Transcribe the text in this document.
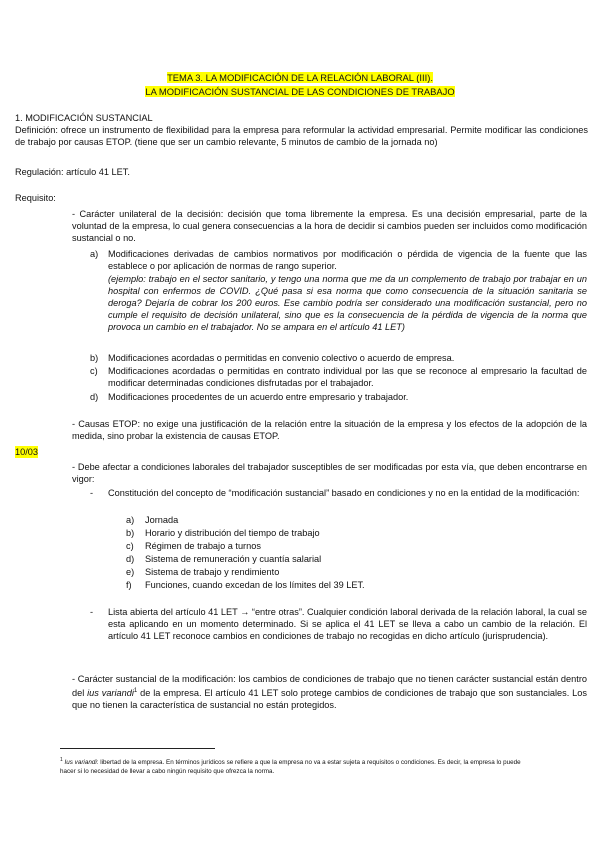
TEMA 3. LA MODIFICACIÓN DE LA RELACIÓN LABORAL (III).
LA MODIFICACIÓN SUSTANCIAL DE LAS CONDICIONES DE TRABAJO
1. MODIFICACIÓN SUSTANCIAL
Definición: ofrece un instrumento de flexibilidad para la empresa para reformular la actividad empresarial. Permite modificar las condiciones de trabajo por causas ETOP. (tiene que ser un cambio relevante, 5 minutos de cambio de la jornada no)
Regulación: artículo 41 LET.
Requisito:
- Carácter unilateral de la decisión: decisión que toma libremente la empresa. Es una decisión empresarial, parte de la voluntad de la empresa, lo cual genera consecuencias a la hora de decidir si cambios pueden ser incluidos como modificación sustancial o no.
a) Modificaciones derivadas de cambios normativos por modificación o pérdida de vigencia de la fuente que las establece o por aplicación de normas de rango superior.
(ejemplo: trabajo en el sector sanitario, y tengo una norma que me da un complemento de trabajo por trabajar en un hospital con enfermos de COVID. ¿Qué pasa si esa norma que como consecuencia de la situación sanitaria se deroga? Dejaría de cobrar los 200 euros. Ese cambio podría ser considerado una modificación sustancial, pero no cumple el requisito de decisión unilateral, sino que es la consecuencia de la pérdida de vigencia de la norma que provoca un cambio en el trabajador. No se ampara en el artículo 41 LET)
b) Modificaciones acordadas o permitidas en convenio colectivo o acuerdo de empresa.
c) Modificaciones acordadas o permitidas en contrato individual por las que se reconoce al empresario la facultad de modificar determinadas condiciones disfrutadas por el trabajador.
d) Modificaciones procedentes de un acuerdo entre empresario y trabajador.
- Causas ETOP: no exige una justificación de la relación entre la situación de la empresa y los efectos de la adopción de la medida, sino probar la existencia de causas ETOP.
10/03
- Debe afectar a condiciones laborales del trabajador susceptibles de ser modificadas por esta vía, que deben encontrarse en vigor:
- Constitución del concepto de “modificación sustancial” basado en condiciones y no en la entidad de la modificación:
a) Jornada
b) Horario y distribución del tiempo de trabajo
c) Régimen de trabajo a turnos
d) Sistema de remuneración y cuantía salarial
e) Sistema de trabajo y rendimiento
f) Funciones, cuando excedan de los límites del 39 LET.
- Lista abierta del artículo 41 LET → “entre otras”. Cualquier condición laboral derivada de la relación laboral, la cual se esta aplicando en un momento determinado. Si se aplica el 41 LET se lleva a cabo un cambio de la relación. El artículo 41 LET reconoce cambios en condiciones de trabajo no recogidas en dicho artículo (jurisprudencia).
- Carácter sustancial de la modificación: los cambios de condiciones de trabajo que no tienen carácter sustancial están dentro del ius variandi$^1$ de la empresa. El artículo 41 LET solo protege cambios de condiciones de trabajo que son sustanciales. Los que no tienen la característica de sustancial no están protegidos.
$^1$ Ius variandi: libertad de la empresa. En términos jurídicos se refiere a que la empresa no va a estar sujeta a requisitos o condiciones. Es decir, la empresa lo puede hacer si lo necesidad de llevar a cabo ningún requisito que ofrezca la norma.
